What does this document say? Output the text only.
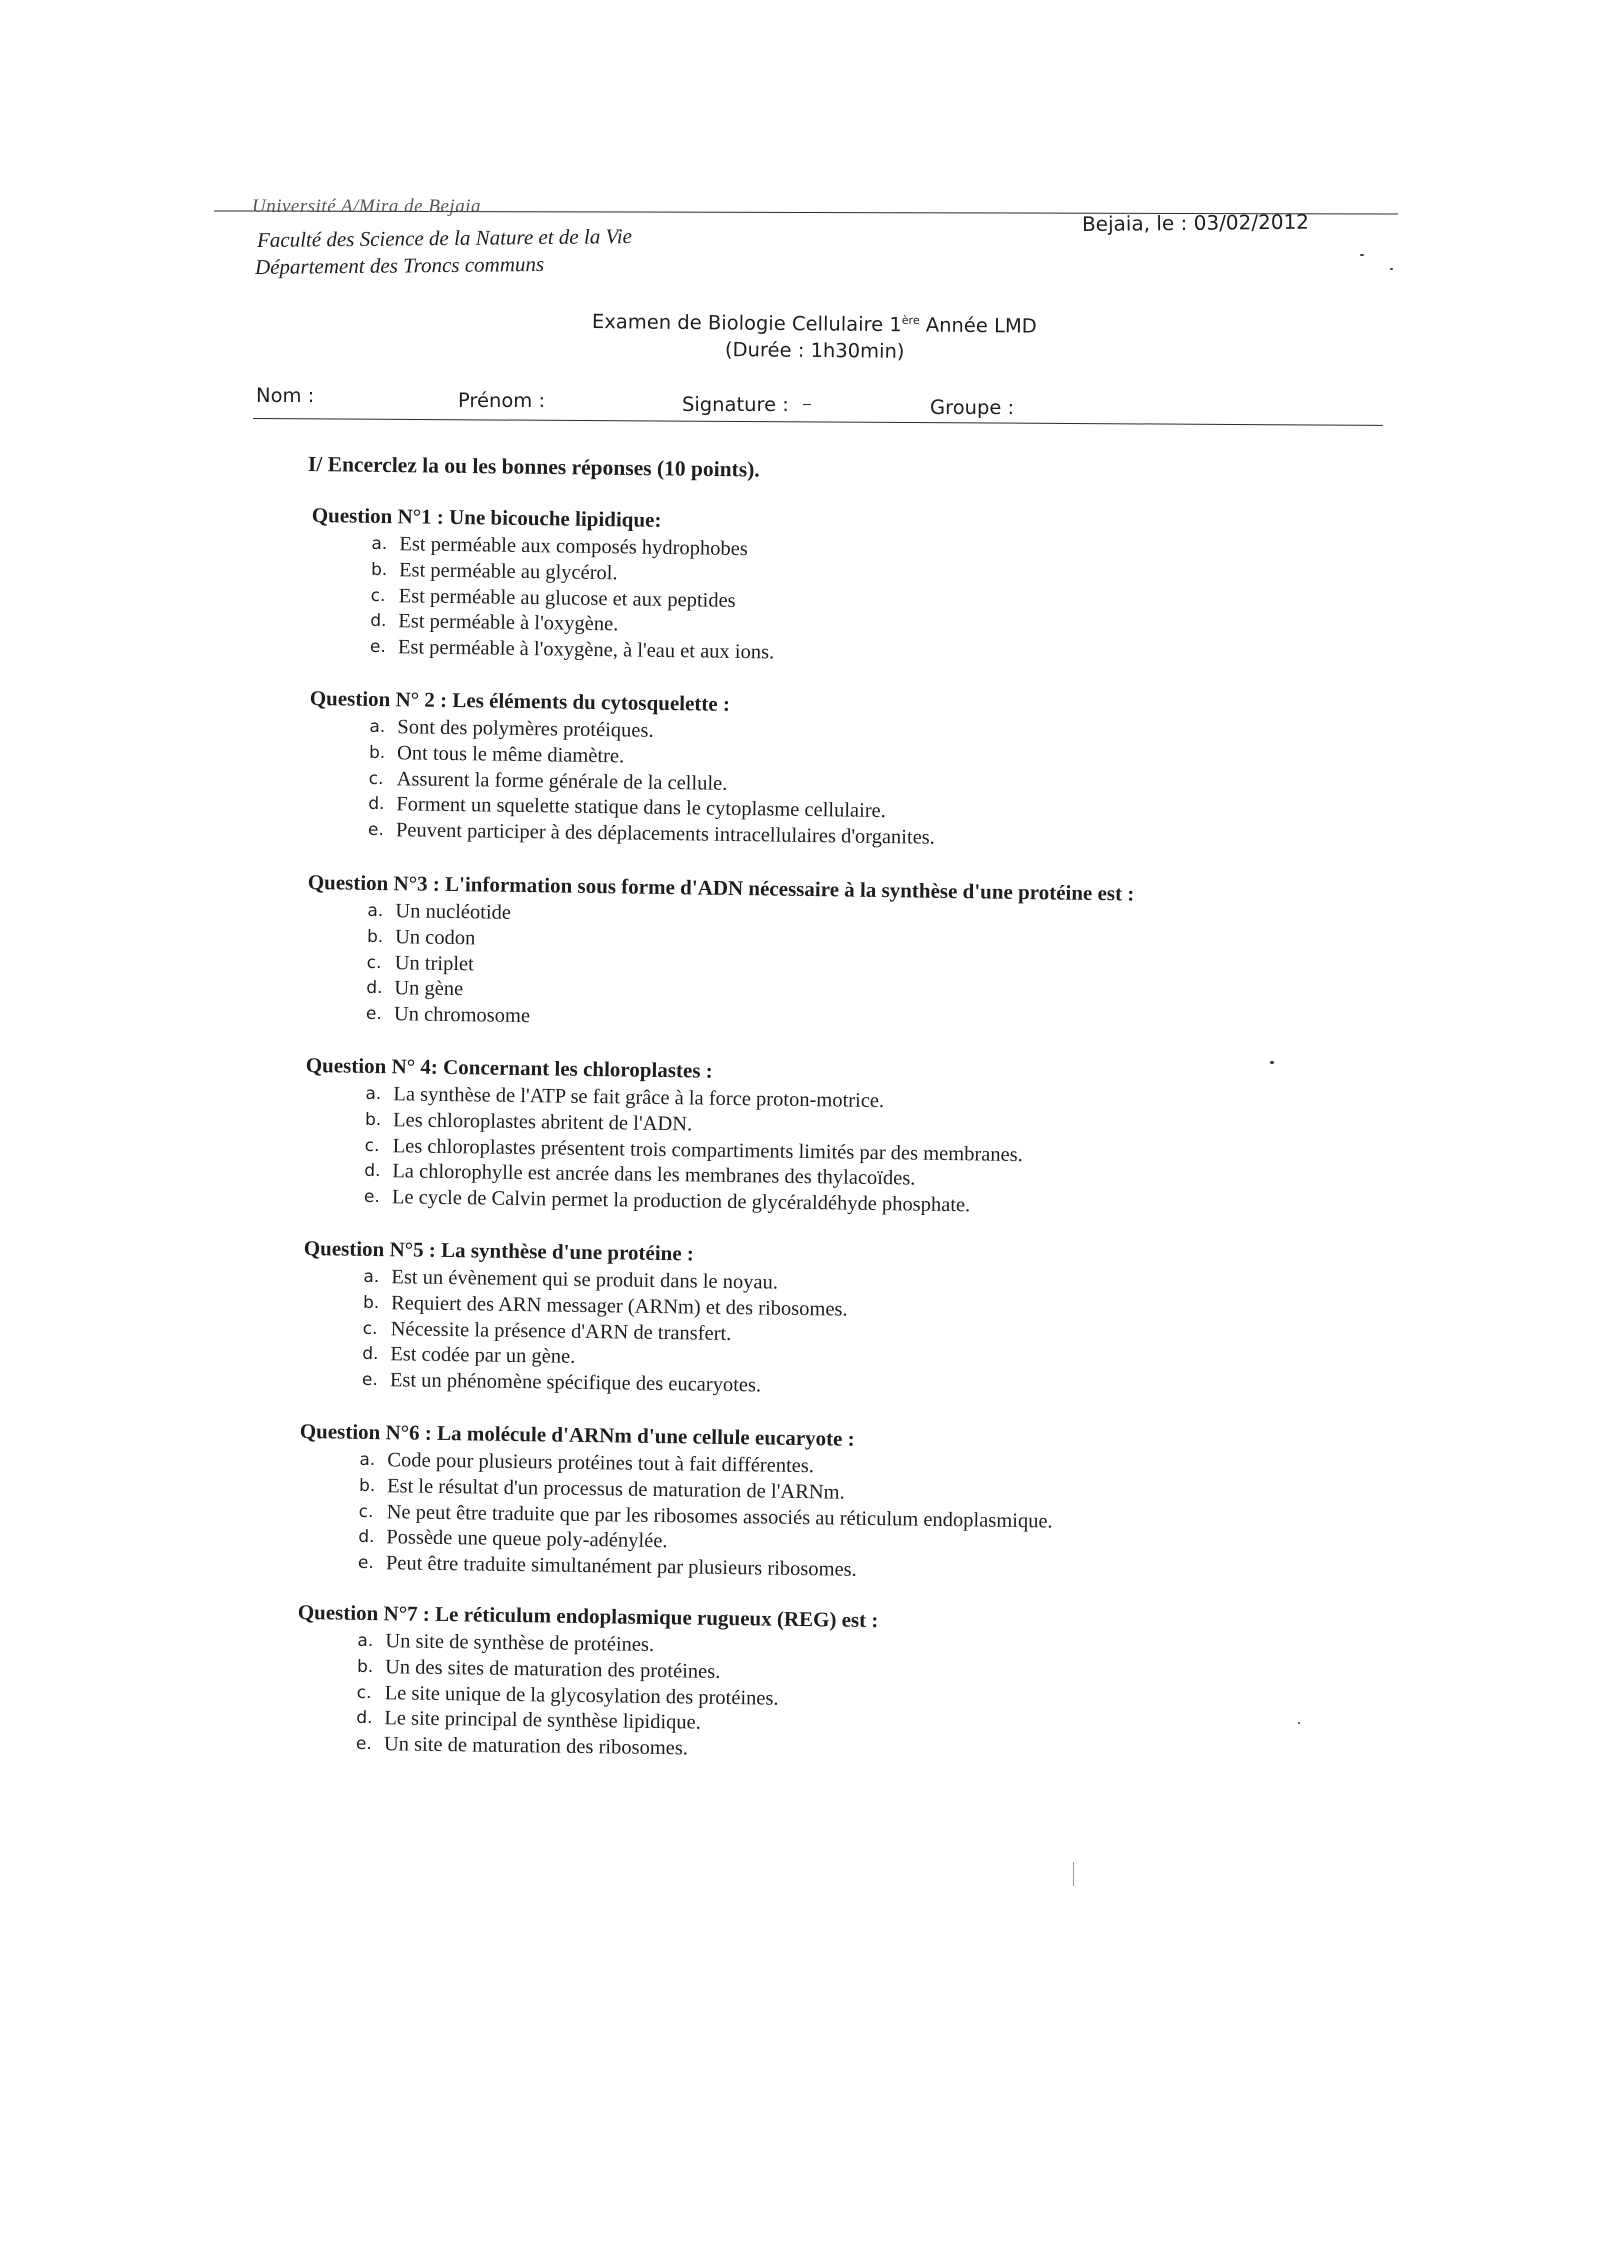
Université A/Mira de Bejaia
Faculté des Science de la Nature et de la Vie
Département des Troncs communs
Bejaia, le : 03/02/2012
Examen de Biologie Cellulaire 1ère Année LMD
(Durée : 1h30min)
Nom :	Prénom :	Signature :	Groupe :
I/ Encerclez la ou les bonnes réponses (10 points).
Question N°1 : Une bicouche lipidique:
a. Est perméable aux composés hydrophobes
b. Est perméable au glycérol.
c. Est perméable au glucose et aux peptides
d. Est perméable à l'oxygène.
e. Est perméable à l'oxygène, à l'eau et aux ions.
Question N° 2 : Les éléments du cytosquelette :
a. Sont des polymères protéiques.
b. Ont tous le même diamètre.
c. Assurent la forme générale de la cellule.
d. Forment un squelette statique dans le cytoplasme cellulaire.
e. Peuvent participer à des déplacements intracellulaires d'organites.
Question N°3 : L'information sous forme d'ADN nécessaire à la synthèse d'une protéine est :
a. Un nucléotide
b. Un codon
c. Un triplet
d. Un gène
e. Un chromosome
Question N° 4: Concernant les chloroplastes :
a. La synthèse de l'ATP se fait grâce à la force proton-motrice.
b. Les chloroplastes abritent de l'ADN.
c. Les chloroplastes présentent trois compartiments limités par des membranes.
d. La chlorophylle est ancrée dans les membranes des thylacoïdes.
e. Le cycle de Calvin permet la production de glycéraldéhyde phosphate.
Question N°5 : La synthèse d'une protéine :
a. Est un évènement qui se produit dans le noyau.
b. Requiert des ARN messager (ARNm) et des ribosomes.
c. Nécessite la présence d'ARN de transfert.
d. Est codée par un gène.
e. Est un phénomène spécifique des eucaryotes.
Question N°6 : La molécule d'ARNm d'une cellule eucaryote :
a. Code pour plusieurs protéines tout à fait différentes.
b. Est le résultat d'un processus de maturation de l'ARNm.
c. Ne peut être traduite que par les ribosomes associés au réticulum endoplasmique.
d. Possède une queue poly-adénylée.
e. Peut être traduite simultanément par plusieurs ribosomes.
Question N°7 : Le réticulum endoplasmique rugueux (REG) est :
a. Un site de synthèse de protéines.
b. Un des sites de maturation des protéines.
c. Le site unique de la glycosylation des protéines.
d. Le site principal de synthèse lipidique.
e. Un site de maturation des ribosomes.
